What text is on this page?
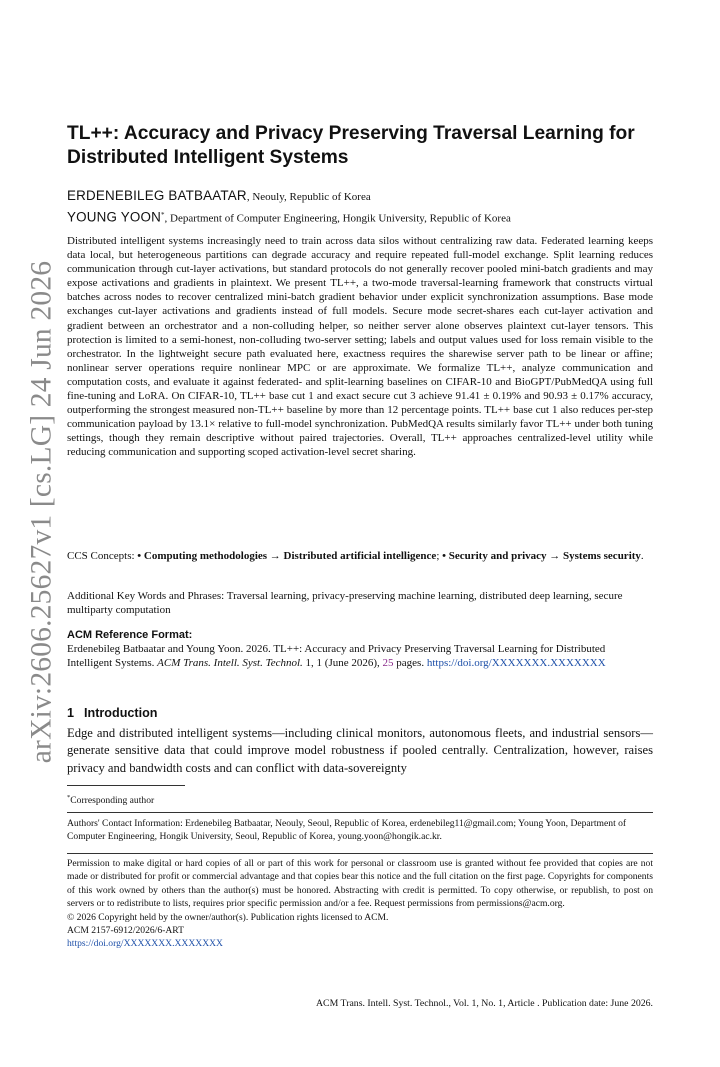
arXiv:2606.25627v1 [cs.LG] 24 Jun 2026
TL++: Accuracy and Privacy Preserving Traversal Learning for Distributed Intelligent Systems
ERDENEBILEG BATBAATAR, Neouly, Republic of Korea
YOUNG YOON*, Department of Computer Engineering, Hongik University, Republic of Korea

Distributed intelligent systems increasingly need to train across data silos without centralizing raw data. Federated learning keeps data local, but heterogeneous partitions can degrade accuracy and require repeated full-model exchange. Split learning reduces communication through cut-layer activations, but standard protocols do not generally recover pooled mini-batch gradients and may expose activations and gradients in plaintext. We present TL++, a two-mode traversal-learning framework that constructs virtual batches across nodes to recover centralized mini-batch gradient behavior under explicit synchronization assumptions. Base mode exchanges cut-layer activations and gradients instead of full models. Secure mode secret-shares each cut-layer activation and gradient between an orchestrator and a non-colluding helper, so neither server alone observes plaintext cut-layer tensors. This protection is limited to a semi-honest, non-colluding two-server setting; labels and output values used for loss remain visible to the orchestrator. In the lightweight secure path evaluated here, exactness requires the sharewise server path to be linear or affine; nonlinear server operations require nonlinear MPC or are approximate. We formalize TL++, analyze communication and computation costs, and evaluate it against federated- and split-learning baselines on CIFAR-10 and BioGPT/PubMedQA using full fine-tuning and LoRA. On CIFAR-10, TL++ base cut 1 and exact secure cut 3 achieve 91.41 ± 0.19% and 90.93 ± 0.17% accuracy, outperforming the strongest measured non-TL++ baseline by more than 12 percentage points. TL++ base cut 1 also reduces per-step communication payload by 13.1× relative to full-model synchronization. PubMedQA results similarly favor TL++ under both tuning settings, though they remain descriptive without paired trajectories. Overall, TL++ approaches centralized-level utility while reducing communication and supporting scoped activation-level secret sharing.

CCS Concepts: • Computing methodologies → Distributed artificial intelligence; • Security and privacy → Systems security.

Additional Key Words and Phrases: Traversal learning, privacy-preserving machine learning, distributed deep learning, secure multiparty computation

ACM Reference Format:
Erdenebileg Batbaatar and Young Yoon. 2026. TL++: Accuracy and Privacy Preserving Traversal Learning for Distributed Intelligent Systems. ACM Trans. Intell. Syst. Technol. 1, 1 (June 2026), 25 pages. https://doi.org/XXXXXXX.XXXXXXX
1 Introduction

Edge and distributed intelligent systems—including clinical monitors, autonomous fleets, and industrial sensors—generate sensitive data that could improve model robustness if pooled centrally. Centralization, however, raises privacy and bandwidth costs and can conflict with data-sovereignty

*Corresponding author
Authors' Contact Information: Erdenebileg Batbaatar, Neouly, Seoul, Republic of Korea, erdenebileg11@gmail.com; Young Yoon, Department of Computer Engineering, Hongik University, Seoul, Republic of Korea, young.yoon@hongik.ac.kr.

Permission to make digital or hard copies of all or part of this work for personal or classroom use is granted without fee provided that copies are not made or distributed for profit or commercial advantage and that copies bear this notice and the full citation on the first page. Copyrights for components of this work owned by others than the author(s) must be honored. Abstracting with credit is permitted. To copy otherwise, or republish, to post on servers or to redistribute to lists, requires prior specific permission and/or a fee. Request permissions from permissions@acm.org.

© 2026 Copyright held by the owner/author(s). Publication rights licensed to ACM.

ACM 2157-6912/2026/6-ART

https://doi.org/XXXXXXX.XXXXXXX

ACM Trans. Intell. Syst. Technol., Vol. 1, No. 1, Article . Publication date: June 2026.
